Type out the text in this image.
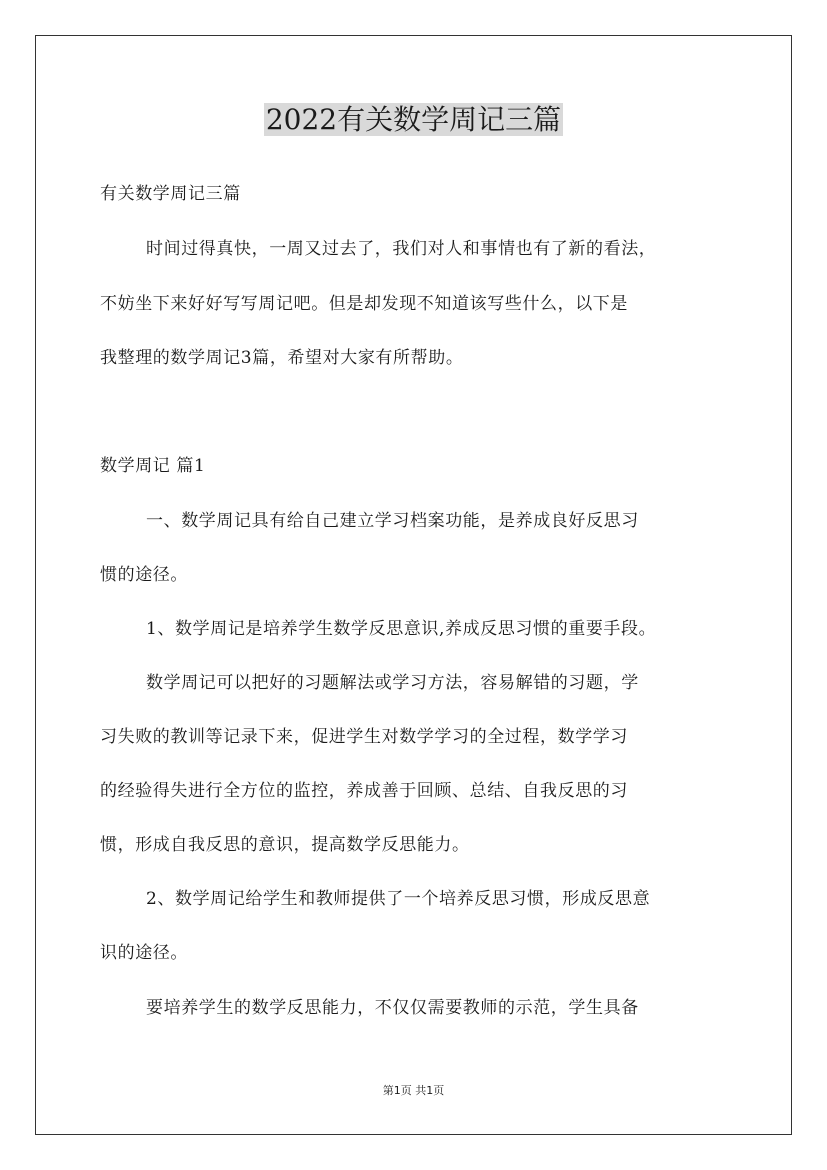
2022有关数学周记三篇
有关数学周记三篇
时间过得真快，一周又过去了，我们对人和事情也有了新的看法，
不妨坐下来好好写写周记吧。但是却发现不知道该写些什么，以下是
我整理的数学周记3篇，希望对大家有所帮助。
数学周记 篇1
一、数学周记具有给自己建立学习档案功能，是养成良好反思习
惯的途径。
1、数学周记是培养学生数学反思意识,养成反思习惯的重要手段。
数学周记可以把好的习题解法或学习方法，容易解错的习题，学
习失败的教训等记录下来，促进学生对数学学习的全过程，数学学习
的经验得失进行全方位的监控，养成善于回顾、总结、自我反思的习
惯，形成自我反思的意识，提高数学反思能力。
2、数学周记给学生和教师提供了一个培养反思习惯，形成反思意
识的途径。
要培养学生的数学反思能力，不仅仅需要教师的示范，学生具备
第1页 共1页
